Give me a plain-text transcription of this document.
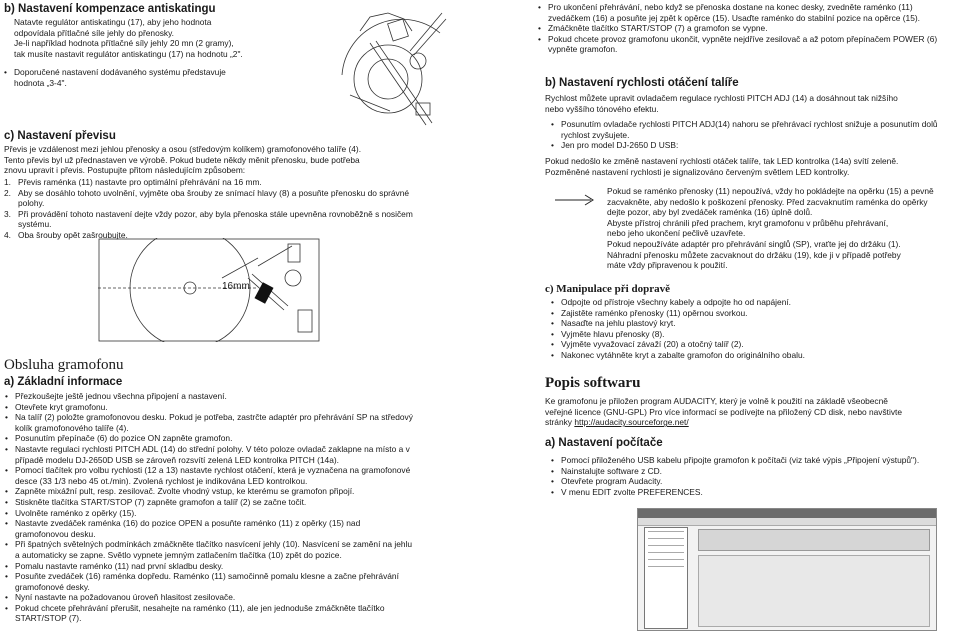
b) Nastavení kompenzace antiskatingu
Natavte regulátor antiskatingu (17), aby jeho hodnota
odpovídala přítlačné síle jehly do přenosky.
Je-li například hodnota přítlačné síly jehly 20 mn (2 gramy),
tak musíte nastavit regulátor antiskatingu (17) na hodnotu „2".
• Doporučené nastavení dodávaného systému představuje
hodnota „3-4".
c) Nastavení převisu
Převis je vzdálenost mezi jehlou přenosky a osou (středovým kolíkem) gramofonového talíře (4).
Tento převis byl už přednastaven ve výrobě. Pokud budete někdy měnit přenosku, bude potřeba
znovu upravit i převis. Postupujte přitom následujícím způsobem:
1. Převis raménka (11) nastavte pro optimální přehrávání na 16 mm.
2. Aby se dosáhlo tohoto uvolnění, vyjměte oba šrouby ze snímací hlavy (8) a posuňte přenosku do správné polohy.
3. Při provádění tohoto nastavení dejte vždy pozor, aby byla přenoska stále upevněna rovnoběžně s nosičem systému.
4. Oba šrouby opět zašroubujte.
16mm
Obsluha gramofonu
a) Základní informace
• Přezkoušejte ještě jednou všechna připojení a nastavení.
• Otevřete kryt gramofonu.
• Na talíř (2) položte gramofonovou desku. Pokud je potřeba, zastrčte adaptér pro přehrávání SP na středový kolík gramofonového talíře (4).
• Posunutím přepínače (6) do pozice ON zapněte gramofon.
• Nastavte regulaci rychlosti PITCH ADL (14) do střední polohy. V této poloze ovladač zaklapne na místo a v případě modelu DJ-2650D USB se zároveň rozsvítí zelená LED kontrolka PITCH (14a).
• Pomocí tlačítek pro volbu rychlosti (12 a 13) nastavte rychlost otáčení, která je vyznačena na gramofonové desce (33 1/3 nebo 45 ot./min). Zvolená rychlost je indikována LED kontrolkou.
• Zapněte mixážní pult, resp. zesilovač. Zvolte vhodný vstup, ke kterému se gramofon připojí.
• Stiskněte tlačítka START/STOP (7) zapněte gramofon a talíř (2) se začne točit.
• Uvolněte raménko z opěrky (15).
• Nastavte zvedáček raménka (16) do pozice OPEN a posuňte raménko (11) z opěrky (15) nad gramofonovou desku.
• Při špatných světelných podmínkách zmáčkněte tlačítko nasvícení jehly (10). Nasvícení se zamění na jehlu a automaticky se zapne. Světlo vypnete jemným zatlačením tlačítka (10) zpět do pozice.
• Pomalu nastavte raménko (11) nad první skladbu desky.
• Posuňte zvedáček (16) raménka dopředu. Raménko (11) samočinně pomalu klesne a začne přehrávání gramofonové desky.
• Nyní nastavte na požadovanou úroveň hlasitost zesilovače.
• Pokud chcete přehrávání přerušit, nesahejte na raménko (11), ale jen jednoduše zmáčkněte tlačítko START/STOP (7).
• Pro ukončení přehrávání, nebo když se přenoska dostane na konec desky, zvedněte raménko (11) zvedáčkem (16) a posuňte jej zpět k opěrce (15). Usaďte raménko do stabilní pozice na opěrce (15).
• Zmáčkněte tlačítko START/STOP (7) a gramofon se vypne.
• Pokud chcete provoz gramofonu ukončit, vypněte nejdříve zesilovač a až potom přepínačem POWER (6) vypněte gramofon.
b) Nastavení rychlosti otáčení talíře
Rychlost můžete upravit ovladačem regulace rychlosti PITCH ADJ (14) a dosáhnout tak nižšího
nebo vyššího tónového efektu.
• Posunutím ovladače rychlosti PITCH ADJ(14) nahoru se přehrávací rychlost snižuje a posunutím dolů rychlost zvyšujete.
• Jen pro model DJ-2650 D USB:
Pokud nedošlo ke změně nastavení rychlosti otáček talíře, tak LED kontrolka (14a) svítí zeleně.
Pozměněné nastavení rychlosti je signalizováno červeným světlem LED kontrolky.
Pokud se raménko přenosky (11) nepoužívá, vždy ho pokládejte na opěrku (15) a pevně
zacvakněte, aby nedošlo k poškození přenosky. Před zacvaknutím raménka do opěrky
dejte pozor, aby byl zvedáček raménka (16) úplně dolů.
Abyste přístroj chránili před prachem, kryt gramofonu v průběhu přehrávaní,
nebo jeho ukončení pečlivě uzavřete.
Pokud nepoužíváte adaptér pro přehrávání singlů (SP), vraťte jej do držáku (1).
Náhradní přenosku můžete zacvaknout do držáku (19), kde ji v případě potřeby
máte vždy připravenou k použití.
c) Manipulace při dopravě
• Odpojte od přístroje všechny kabely a odpojte ho od napájení.
• Zajistěte raménko přenosky (11) opěrnou svorkou.
• Nasaďte na jehlu plastový kryt.
• Vyjměte hlavu přenosky (8).
• Vyjměte vyvažovací závaží (20) a otočný talíř (2).
• Nakonec vytáhněte kryt a zabalte gramofon do originálního obalu.
Popis softwaru
Ke gramofonu je přiložen program AUDACITY, který je volně k použití na základě všeobecně
veřejné licence (GNU-GPL) Pro více informací se podívejte na přiložený CD disk, nebo navštivte
stránky http://audacity.sourceforge.net/
a) Nastavení počítače
• Pomocí přiloženého USB kabelu připojte gramofon k počítači (viz také výpis „Připojení výstupů").
• Nainstalujte software z CD.
• Otevřete program Audacity.
• V menu EDIT zvolte PREFERENCES.
